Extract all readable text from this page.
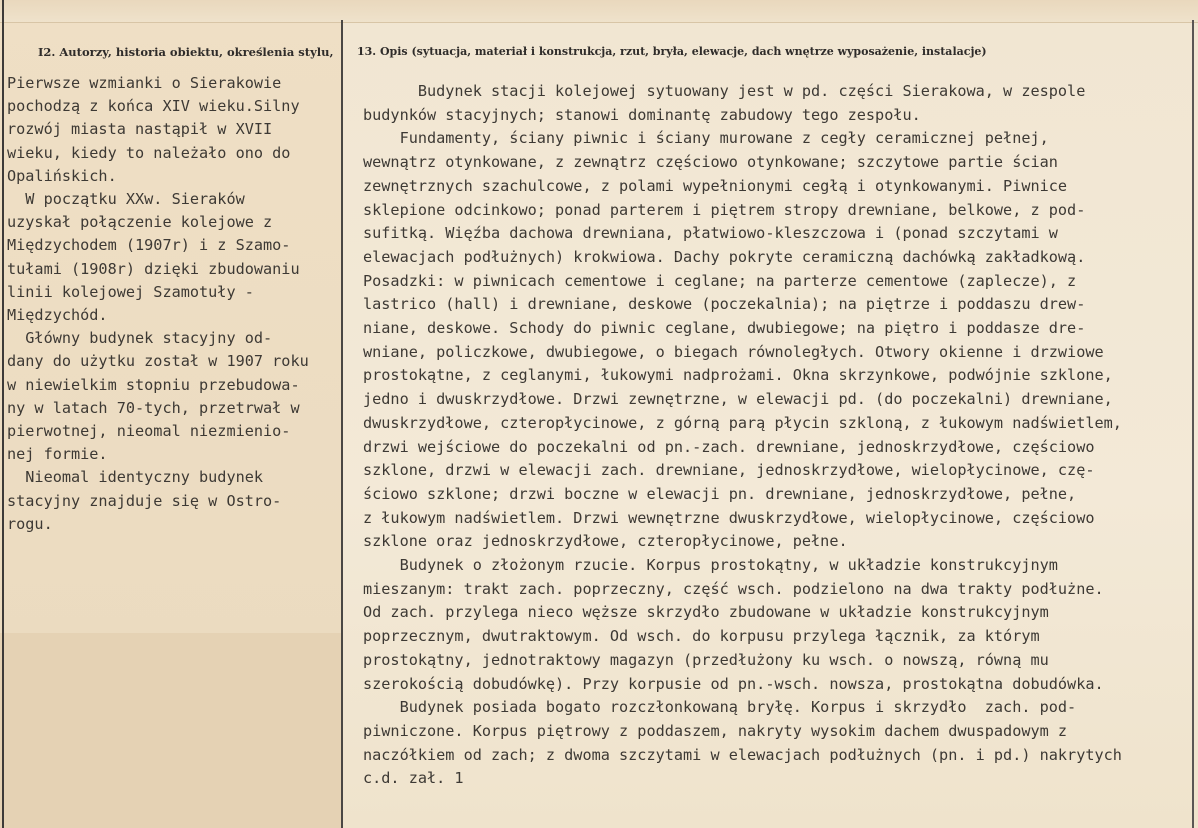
I2. Autorzy, historia obiektu, określenia stylu, 13. Opis (sytuacja, materiał i konstrukcja, rzut, bryła, elewacje, dach wnętrze wyposażenie, instalacje)
Pierwsze wzmianki o Sierakowie
pochodzą z końca XIV wieku.Silny
rozwój miasta nastąpił w XVII
wieku, kiedy to należało ono do
Opalińskich.
W początku XXw. Sieraków
uzyskał połączenie kolejowe z
Międzychodem (1907r) i z Szamo-
tułami (1908r) dzięki zbudowaniu
linii kolejowej Szamotuły -
Międzychód.
Główny budynek stacyjny od-
dany do użytku został w 1907 roku
w niewielkim stopniu przebudowa-
ny w latach 70-tych, przetrwał w
pierwotnej, nieomal niezmieniо-
nej formie.
Nieomal identyczny budynek
stacyjny znajduje się w Ostro-
rogu.
Budynek stacji kolejowej sytuowany jest w pd. części Sierakowa, w zespole
budynków stacyjnych; stanowi dominantę zabudowy tego zespołu.
Fundamenty, ściany piwnic i ściany murowane z cegły ceramicznej pełnej,
wewnątrz otynkowane, z zewnątrz częściowo otynkowane; szczytowe partie ścian
zewnętrznych szachulcowe, z polami wypełnionymi cegłą i otynkowanymi. Piwnice
sklepione odcinkowo; ponad parterem i piętrem stropy drewniane, belkowe, z pod-
sufitką. Więźba dachowa drewniana, płatwiowo-kleszczowa i (ponad szczytami w
elewacjach podłużnych) krokwiowa. Dachy pokryte ceramiczną dachówką zakładkową.
Posadzki: w piwnicach cementowe i ceglane; na parterze cementowe (zaplecze), z
lastrico (hall) i drewniane, deskowe (poczekalnia); na piętrze i poddaszu drew-
niane, deskowe. Schody do piwnic ceglane, dwubiegowe; na piętro i poddasze dre-
wniane, policzkowe, dwubiegowe, o biegach równoległych. Otwory okienne i drzwiowe
prostokątne, z ceglanymi, łukowymi nadprożami. Okna skrzynkowe, podwójnie szklone,
jedno i dwuskrzydłowe. Drzwi zewnętrzne, w elewacji pd. (do poczekalni) drewniane,
dwuskrzydłowe, czteropłycinowe, z górną parą płycin szkloną, z łukowym nadświetlem,
drzwi wejściowe do poczekalni od pn.-zach. drewniane, jednoskrzydłowe, częściowo
szklone, drzwi w elewacji zach. drewniane, jednoskrzydłowe, wielopłycinowe, czę-
ściowo szklone; drzwi boczne w elewacji pn. drewniane, jednoskrzydłowe, pełne,
z łukowym nadświetlem. Drzwi wewnętrzne dwuskrzydłowe, wielopłycinowe, częściowo
szklone oraz jednoskrzydłowe, czteropłycinowe, pełne.
Budynek o złożonym rzucie. Korpus prostokątny, w układzie konstrukcyjnym
mieszanym: trakt zach. poprzeczny, część wsch. podzielono na dwa trakty podłużne.
Od zach. przylega nieco węższe skrzydło zbudowane w układzie konstrukcyjnym
poprzecznym, dwutraktowym. Od wsch. do korpusu przylega łącznik, za którym
prostokątny, jednotraktowy magazyn (przedłużony ku wsch. o nowszą, równą mu
szerokością dobudówkę). Przy korpusie od pn.-wsch. nowsza, prostokątna dobudówka.
Budynek posiada bogato rozczłonkowaną bryłę. Korpus i skrzydło  zach. pod-
piwniczone. Korpus piętrowy z poddaszem, nakryty wysokim dachem dwuspadowym z
naczółkiem od zach; z dwoma szczytami w elewacjach podłużnych (pn. i pd.) nakrytych
c.d. zał. 1
